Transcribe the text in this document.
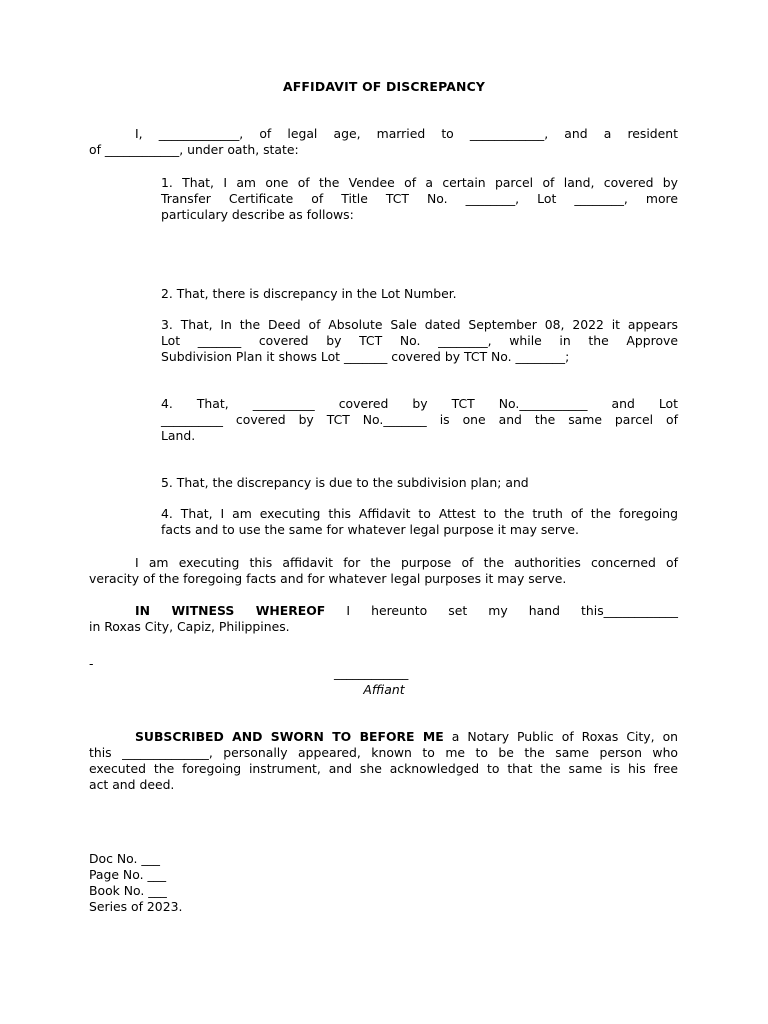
AFFIDAVIT OF DISCREPANCY
I, _____________, of legal age, married to ____________, and a resident
of ____________, under oath, state:
1. That, I am one of the Vendee of a certain parcel of land, covered by
Transfer Certificate of Title TCT No. ________, Lot ________, more
particulary describe as follows:
2. That, there is discrepancy in the Lot Number.
3. That, In the Deed of Absolute Sale dated September 08, 2022 it appears
Lot _______ covered by TCT No. ________, while in the Approve
Subdivision Plan it shows Lot _______ covered by TCT No. ________;
4. That, __________ covered by TCT No.___________ and Lot
__________ covered by TCT No._______ is one and the same parcel of
Land.
5. That, the discrepancy is due to the subdivision plan; and
4. That, I am executing this Affidavit to Attest to the truth of the foregoing
facts and to use the same for whatever legal purpose it may serve.
I am executing this affidavit for the purpose of the authorities concerned of
veracity of the foregoing facts and for whatever legal purposes it may serve.
IN WITNESS WHEREOF I hereunto set my hand this____________
in Roxas City, Capiz, Philippines.
-
____________
Affiant
SUBSCRIBED AND SWORN TO BEFORE ME a Notary Public of Roxas City, on
this ______________, personally appeared, known to me to be the same person who
executed the foregoing instrument, and she acknowledged to that the same is his free
act and deed.
Doc No. ___
Page No. ___
Book No. ___
Series of 2023.
